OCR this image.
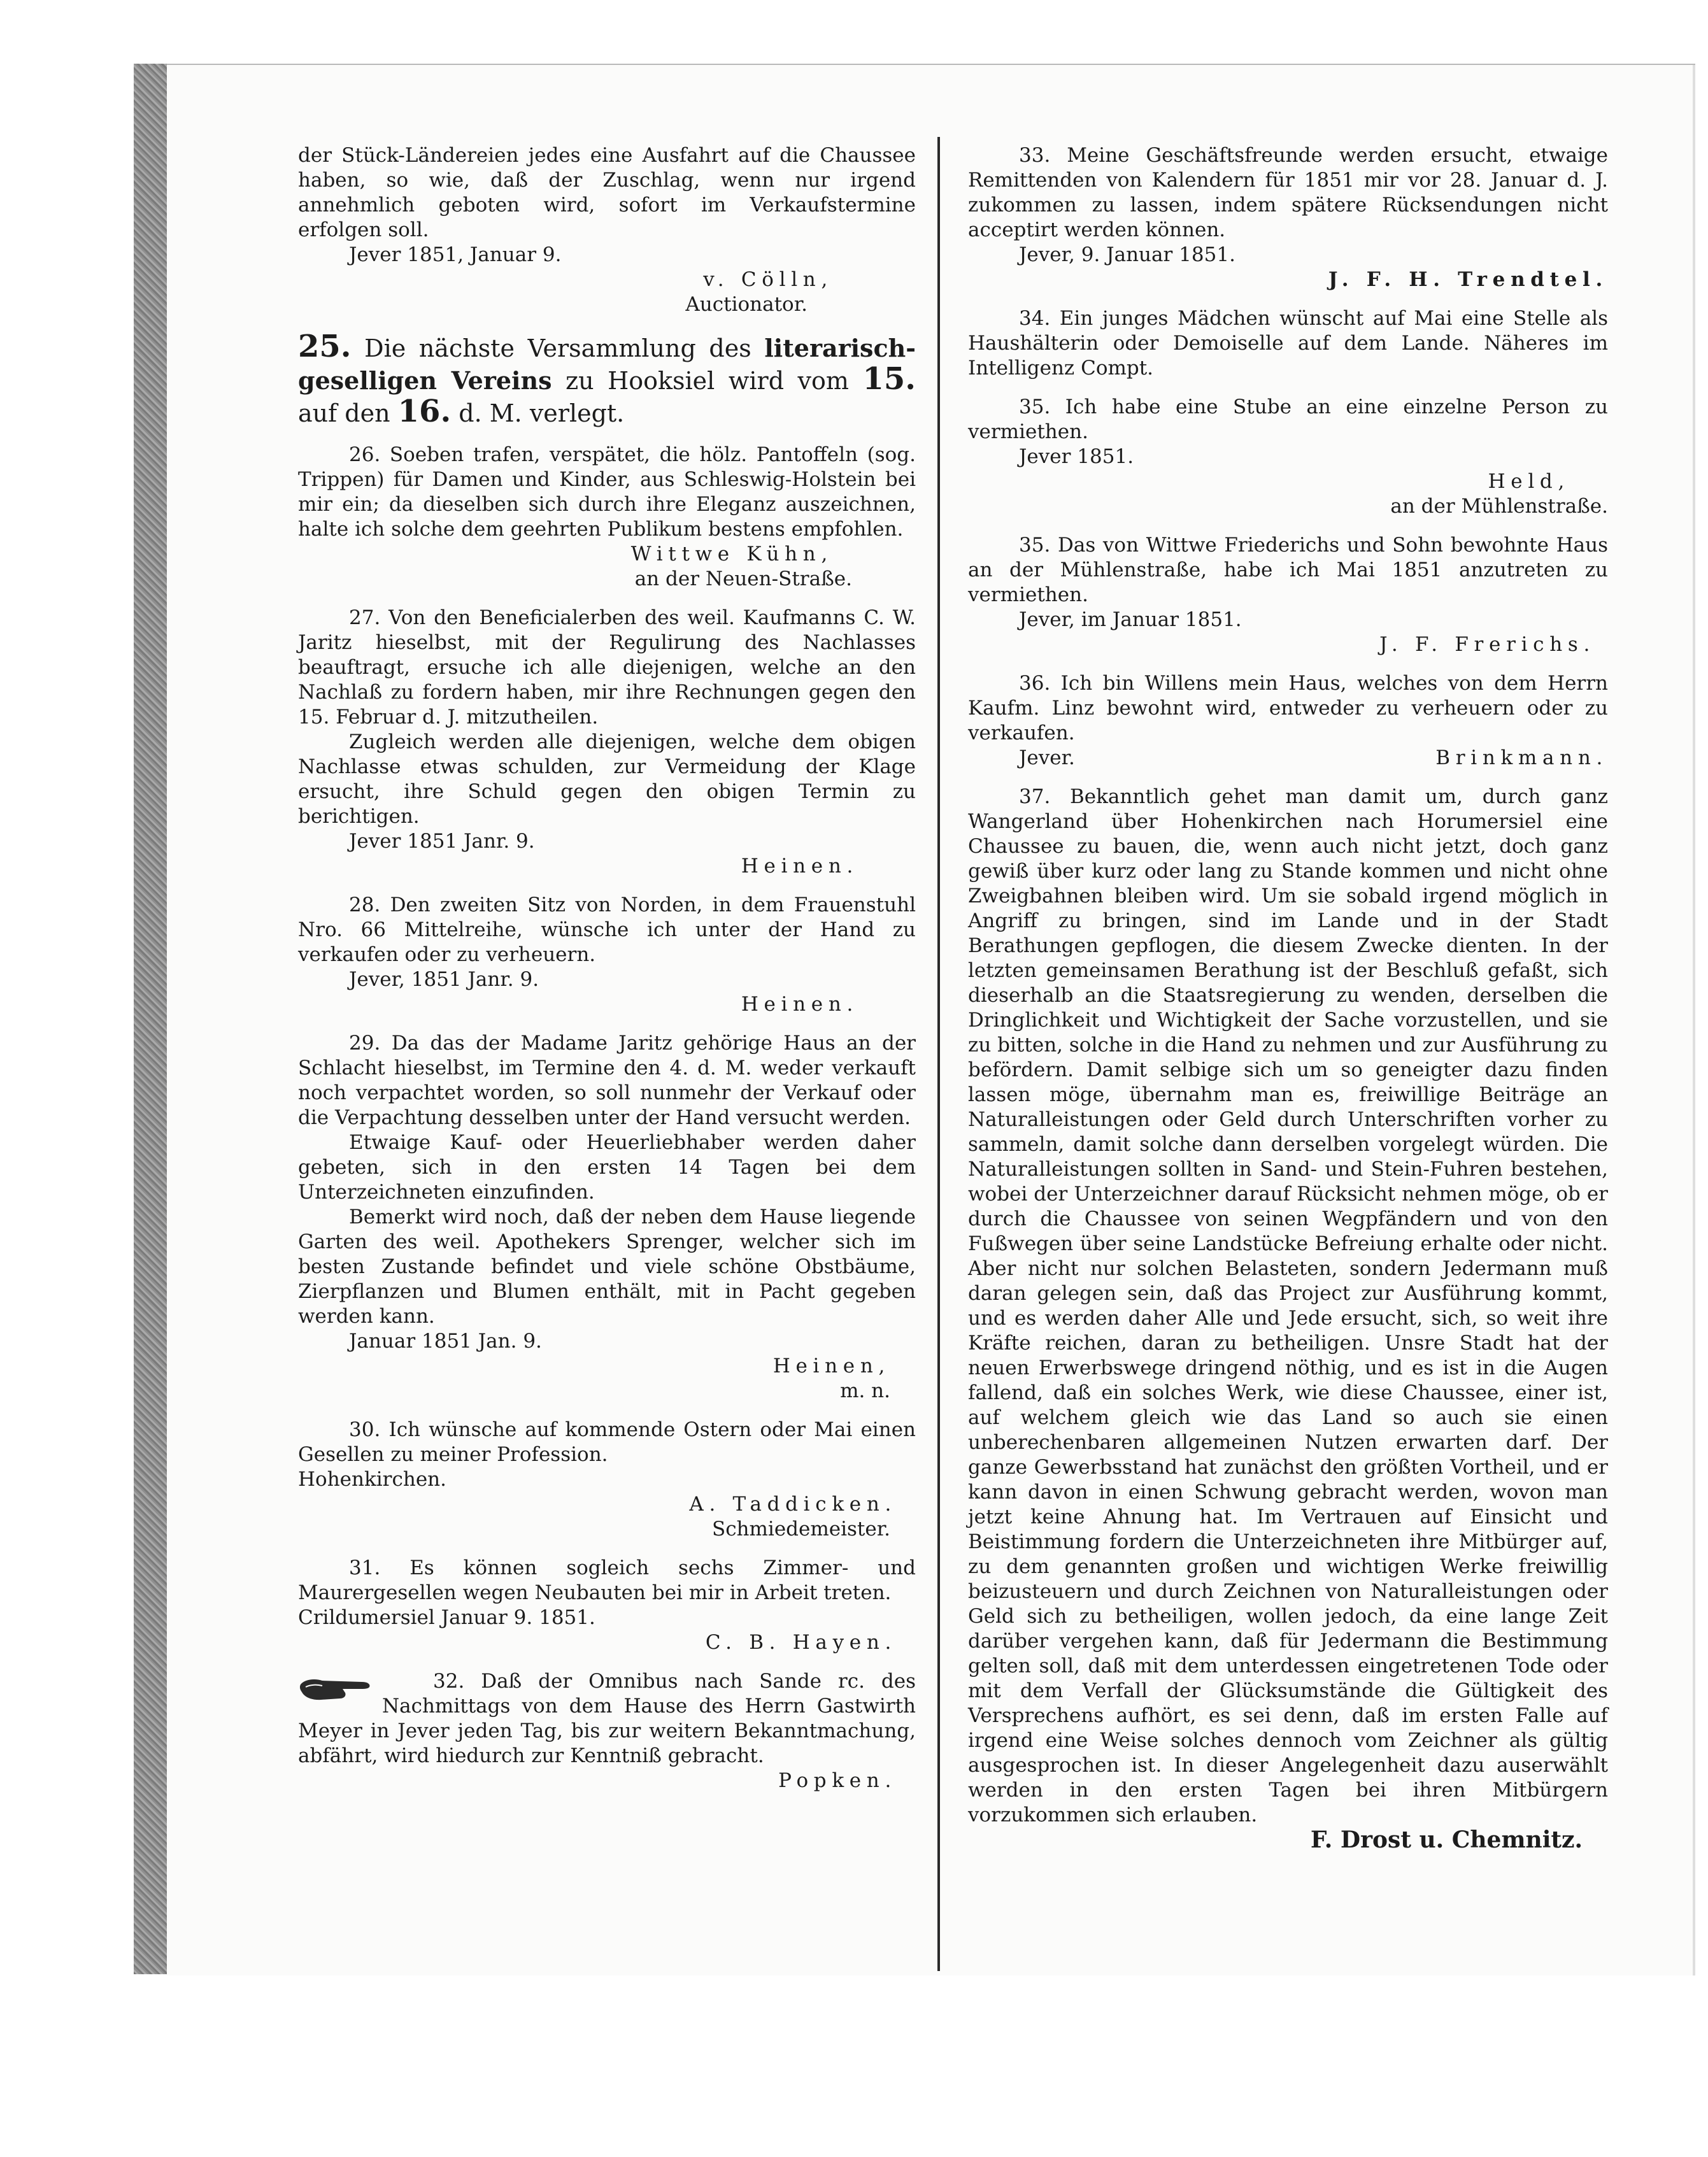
der Stück-Ländereien jedes eine Ausfahrt auf die Chaussee haben, so wie, daß der Zuschlag, wenn nur irgend annehmlich geboten wird, sofort im Verkaufstermine erfolgen soll.

Jever 1851, Januar 9.

v. Cölln,

Auctionator.

25. Die nächste Versammlung des literarisch-geselligen Vereins zu Hooksiel wird vom 15. auf den 16. d. M. verlegt.

26. Soeben trafen, verspätet, die hölz. Pantoffeln (sog. Trippen) für Damen und Kinder, aus Schleswig-Holstein bei mir ein; da dieselben sich durch ihre Eleganz auszeichnen, halte ich solche dem geehrten Publikum bestens empfohlen.

Wittwe Kühn,

an der Neuen-Straße.

27. Von den Beneficialerben des weil. Kaufmanns C. W. Jaritz hieselbst, mit der Regulirung des Nachlasses beauftragt, ersuche ich alle diejenigen, welche an den Nachlaß zu fordern haben, mir ihre Rechnungen gegen den 15. Februar d. J. mitzutheilen.

Zugleich werden alle diejenigen, welche dem obigen Nachlasse etwas schulden, zur Vermeidung der Klage ersucht, ihre Schuld gegen den obigen Termin zu berichtigen.

Jever 1851 Janr. 9.

Heinen.

28. Den zweiten Sitz von Norden, in dem Frauenstuhl Nro. 66 Mittelreihe, wünsche ich unter der Hand zu verkaufen oder zu verheuern.

Jever, 1851 Janr. 9.

Heinen.

29. Da das der Madame Jaritz gehörige Haus an der Schlacht hieselbst, im Termine den 4. d. M. weder verkauft noch verpachtet worden, so soll nunmehr der Verkauf oder die Verpachtung desselben unter der Hand versucht werden.

Etwaige Kauf- oder Heuerliebhaber werden daher gebeten, sich in den ersten 14 Tagen bei dem Unterzeichneten einzufinden.

Bemerkt wird noch, daß der neben dem Hause liegende Garten des weil. Apothekers Sprenger, welcher sich im besten Zustande befindet und viele schöne Obstbäume, Zierpflanzen und Blumen enthält, mit in Pacht gegeben werden kann.

Januar 1851 Jan. 9.

Heinen,

m. n.

30. Ich wünsche auf kommende Ostern oder Mai einen Gesellen zu meiner Profession.

Hohenkirchen.

A. Taddicken.

Schmiedemeister.

31. Es können sogleich sechs Zimmer- und Maurergesellen wegen Neubauten bei mir in Arbeit treten.

Crildumersiel Januar 9. 1851.

C. B. Hayen.

32. Daß der Omnibus nach Sande rc. des Nachmittags von dem Hause des Herrn Gastwirth Meyer in Jever jeden Tag, bis zur weitern Bekanntmachung, abfährt, wird hiedurch zur Kenntniß gebracht.

Popken.

33. Meine Geschäftsfreunde werden ersucht, etwaige Remittenden von Kalendern für 1851 mir vor 28. Januar d. J. zukommen zu lassen, indem spätere Rücksendungen nicht acceptirt werden können.

Jever, 9. Januar 1851.

J. F. H. Trendtel.

34. Ein junges Mädchen wünscht auf Mai eine Stelle als Haushälterin oder Demoiselle auf dem Lande. Näheres im Intelligenz Compt.

35. Ich habe eine Stube an eine einzelne Person zu vermiethen.

Jever 1851.

Held,

an der Mühlenstraße.

35. Das von Wittwe Friederichs und Sohn bewohnte Haus an der Mühlenstraße, habe ich Mai 1851 anzutreten zu vermiethen.

Jever, im Januar 1851.

J. F. Frerichs.

36. Ich bin Willens mein Haus, welches von dem Herrn Kaufm. Linz bewohnt wird, entweder zu verheuern oder zu verkaufen.

Jever.	Brinkmann.

37. Bekanntlich gehet man damit um, durch ganz Wangerland über Hohenkirchen nach Horumersiel eine Chaussee zu bauen, die, wenn auch nicht jetzt, doch ganz gewiß über kurz oder lang zu Stande kommen und nicht ohne Zweigbahnen bleiben wird. Um sie sobald irgend möglich in Angriff zu bringen, sind im Lande und in der Stadt Berathungen gepflogen, die diesem Zwecke dienten. In der letzten gemeinsamen Berathung ist der Beschluß gefaßt, sich dieserhalb an die Staatsregierung zu wenden, derselben die Dringlichkeit und Wichtigkeit der Sache vorzustellen, und sie zu bitten, solche in die Hand zu nehmen und zur Ausführung zu befördern. Damit selbige sich um so geneigter dazu finden lassen möge, übernahm man es, freiwillige Beiträge an Naturalleistungen oder Geld durch Unterschriften vorher zu sammeln, damit solche dann derselben vorgelegt würden. Die Naturalleistungen sollten in Sand- und Stein-Fuhren bestehen, wobei der Unterzeichner darauf Rücksicht nehmen möge, ob er durch die Chaussee von seinen Wegpfändern und von den Fußwegen über seine Landstücke Befreiung erhalte oder nicht. Aber nicht nur solchen Belasteten, sondern Jedermann muß daran gelegen sein, daß das Project zur Ausführung kommt, und es werden daher Alle und Jede ersucht, sich, so weit ihre Kräfte reichen, daran zu betheiligen. Unsre Stadt hat der neuen Erwerbswege dringend nöthig, und es ist in die Augen fallend, daß ein solches Werk, wie diese Chaussee, einer ist, auf welchem gleich wie das Land so auch sie einen unberechenbaren allgemeinen Nutzen erwarten darf. Der ganze Gewerbsstand hat zunächst den größten Vortheil, und er kann davon in einen Schwung gebracht werden, wovon man jetzt keine Ahnung hat. Im Vertrauen auf Einsicht und Beistimmung fordern die Unterzeichneten ihre Mitbürger auf, zu dem genannten großen und wichtigen Werke freiwillig beizusteuern und durch Zeichnen von Naturalleistungen oder Geld sich zu betheiligen, wollen jedoch, da eine lange Zeit darüber vergehen kann, daß für Jedermann die Bestimmung gelten soll, daß mit dem unterdessen eingetretenen Tode oder mit dem Verfall der Glücksumstände die Gültigkeit des Versprechens aufhört, es sei denn, daß im ersten Falle auf irgend eine Weise solches dennoch vom Zeichner als gültig ausgesprochen ist. In dieser Angelegenheit dazu auserwählt werden in den ersten Tagen bei ihren Mitbürgern vorzukommen sich erlauben.

F. Drost u. Chemnitz.
